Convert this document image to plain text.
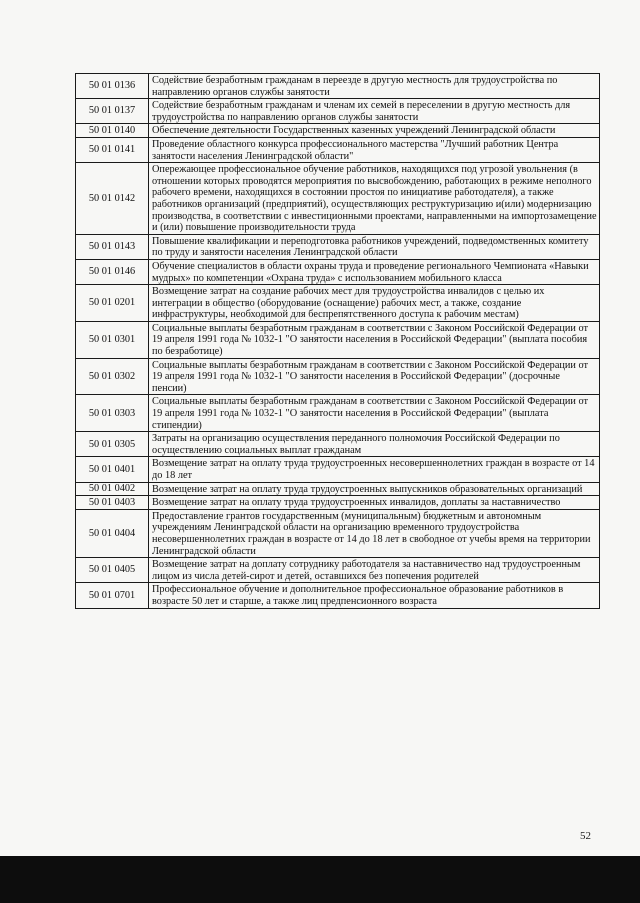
50 01 0136	Содействие безработным гражданам в переезде в другую местность для трудоустройства по направлению органов службы занятости
50 01 0137	Содействие безработным гражданам и членам их семей в переселении в другую местность для трудоустройства по направлению органов службы занятости
50 01 0140	Обеспечение деятельности Государственных казенных учреждений Ленинградской области
50 01 0141	Проведение областного конкурса профессионального мастерства "Лучший работник Центра занятости населения Ленинградской области"
50 01 0142	Опережающее профессиональное обучение работников, находящихся под угрозой увольнения (в отношении которых проводятся мероприятия по высвобождению, работающих в режиме неполного рабочего времени, находящихся в состоянии простоя по инициативе работодателя), а также работников организаций (предприятий), осуществляющих реструктуризацию и(или) модернизацию производства, в соответствии с инвестиционными проектами, направленными на импортозамещение и (или) повышение производительности труда
50 01 0143	Повышение квалификации и переподготовка работников учреждений, подведомственных комитету по труду и занятости населения Ленинградской области
50 01 0146	Обучение специалистов в области охраны труда и проведение регионального Чемпионата «Навыки мудрых» по компетенции «Охрана труда» с использованием мобильного класса
50 01 0201	Возмещение затрат на создание рабочих мест для трудоустройства инвалидов с целью их интеграции в общество (оборудование (оснащение) рабочих мест, а также, создание инфраструктуры, необходимой для беспрепятственного доступа к рабочим местам)
50 01 0301	Социальные выплаты безработным гражданам в соответствии с Законом Российской Федерации от 19 апреля 1991 года № 1032-1 "О занятости населения в Российской Федерации" (выплата пособия по безработице)
50 01 0302	Социальные выплаты безработным гражданам в соответствии с Законом Российской Федерации от 19 апреля 1991 года № 1032-1 "О занятости населения в Российской Федерации" (досрочные пенсии)
50 01 0303	Социальные выплаты безработным гражданам в соответствии с Законом Российской Федерации от 19 апреля 1991 года № 1032-1 "О занятости населения в Российской Федерации" (выплата стипендии)
50 01 0305	Затраты на организацию осуществления переданного полномочия Российской Федерации по осуществлению социальных выплат гражданам
50 01 0401	Возмещение затрат на оплату труда трудоустроенных несовершеннолетних граждан в возрасте от 14 до 18 лет
50 01 0402	Возмещение затрат на оплату труда трудоустроенных выпускников образовательных организаций
50 01 0403	Возмещение затрат на оплату труда трудоустроенных инвалидов, доплаты за наставничество
50 01 0404	Предоставление грантов государственным (муниципальным) бюджетным и автономным учреждениям Ленинградской области на организацию временного трудоустройства несовершеннолетних граждан в возрасте от 14 до 18 лет в свободное от учебы время на территории Ленинградской области
50 01 0405	Возмещение затрат на доплату сотруднику работодателя за наставничество над трудоустроенным лицом из числа детей-сирот и детей, оставшихся без попечения родителей
50 01 0701	Профессиональное обучение и дополнительное профессиональное образование работников в возрасте 50 лет и старше, а также лиц предпенсионного возраста
52
